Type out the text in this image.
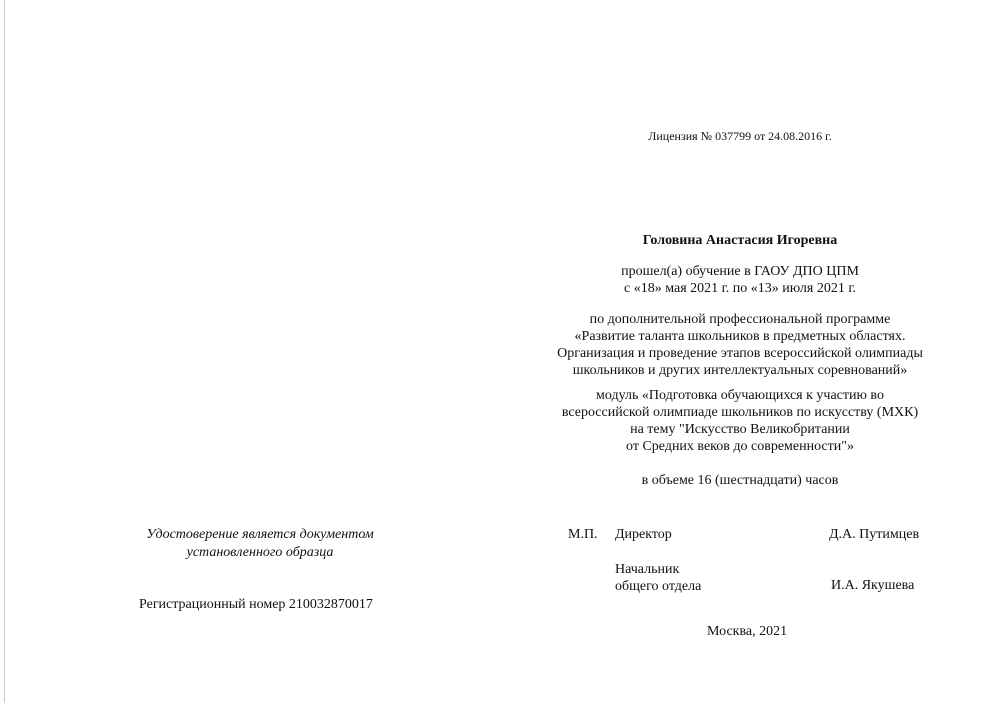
Лицензия № 037799 от 24.08.2016 г.
Головина Анастасия Игоревна
прошел(а) обучение в ГАОУ ДПО ЦПМ
с «18» мая 2021 г. по «13» июля 2021 г.
по дополнительной профессиональной программе
«Развитие таланта школьников в предметных областях.
Организация и проведение этапов всероссийской олимпиады
школьников и других интеллектуальных соревнований»
модуль «Подготовка обучающихся к участию во
всероссийской олимпиаде школьников по искусству (МХК)
на тему "Искусство Великобритании
от Средних веков до современности"»
в объеме 16 (шестнадцати) часов
Удостоверение является документом
установленного образца
Регистрационный номер 210032870017
М.П. Директор	Д.А. Путимцев
Начальник
общего отдела	И.А. Якушева
Москва, 2021
